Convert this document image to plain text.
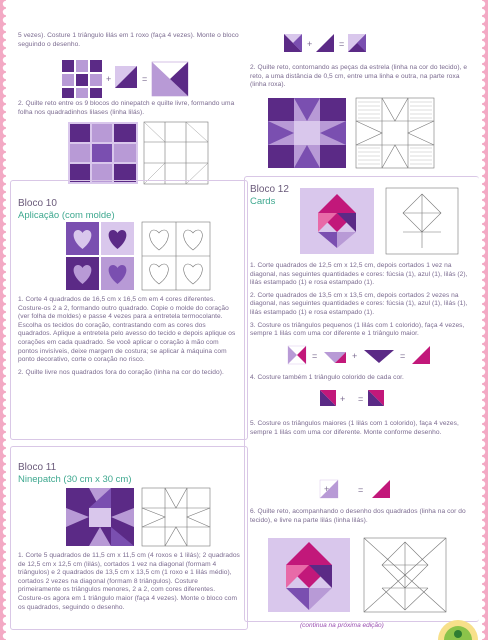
5 vezes). Costure 1 triângulo lilás em 1 roxo (faça 4 vezes). Monte o bloco seguindo o desenho.
+	=
2. Quilte reto entre os 9 blocos do ninepatch e quilte livre, formando uma folha nos quadradinhos lilases (linha lilás).
Bloco 10
Aplicação (com molde)

1. Corte 4 quadrados de 16,5 cm x 16,5 cm em 4 cores diferentes. Costure-os 2 a 2, formando outro quadrado. Copie o molde do coração (ver folha de moldes) e passe 4 vezes para a entretela termocolante. Escolha os tecidos do coração, contrastando com as cores dos quadrados. Aplique a entretela pelo avesso do tecido e depois aplique os corações em cada quadrado. Se você aplicar o coração à mão com pontos invisíveis, deixe margem de costura; se aplicar à máquina com ponto decorativo, corte o coração no risco.

2. Quilte livre nos quadrados fora do coração (linha na cor do tecido).

Bloco 11
Ninepatch (30 cm x 30 cm)
1. Corte 5 quadrados de 11,5 cm x 11,5 cm (4 roxos e 1 lilás); 2 quadrados de 12,5 cm x 12,5 cm (lilás), cortados 1 vez na diagonal (formam 4 triângulos) e 2 quadrados de 13,5 cm x 13,5 cm (1 roxo e 1 lilás médio), cortados 2 vezes na diagonal (formam 8 triângulos). Costure primeiramente os triângulos menores, 2 a 2, com cores diferentes. Costure-os agora em 1 triângulo maior (faça 4 vezes). Monte o bloco com os quadrados, seguindo o desenho.
+	=
2. Quilte reto, contornando as peças da estrela (linha na cor do tecido), e reto, a uma distância de 0,5 cm, entre uma linha e outra, na parte roxa (linha roxa).
Bloco 12
Cards

1. Corte quadrados de 12,5 cm x 12,5 cm, depois cortados 1 vez na diagonal, nas seguintes quantidades e cores: fúcsia (1), azul (1), lilás (2), lilás estampado (1) e rosa estampado (1).

2. Corte quadrados de 13,5 cm x 13,5 cm, depois cortados 2 vezes na diagonal, nas seguintes quantidades e cores: fúcsia (1), azul (1), lilás (1), lilás estampado (1) e rosa estampado (1).

3. Costure os triângulos pequenos (1 lilás com 1 colorido), faça 4 vezes, sempre 1 lilás com uma cor diferente e 1 triângulo maior.

=	+	=
4. Costure também 1 triângulo colorido de cada cor.
+ =
5. Costure os triângulos maiores (1 lilás com 1 colorido), faça 4 vezes, sempre 1 lilás com uma cor diferente. Monte conforme desenho.
+	=
6. Quilte reto, acompanhando o desenho dos quadrados (linha na cor do tecido), e livre na parte lilás (linha lilás).
(continua na próxima edição)
